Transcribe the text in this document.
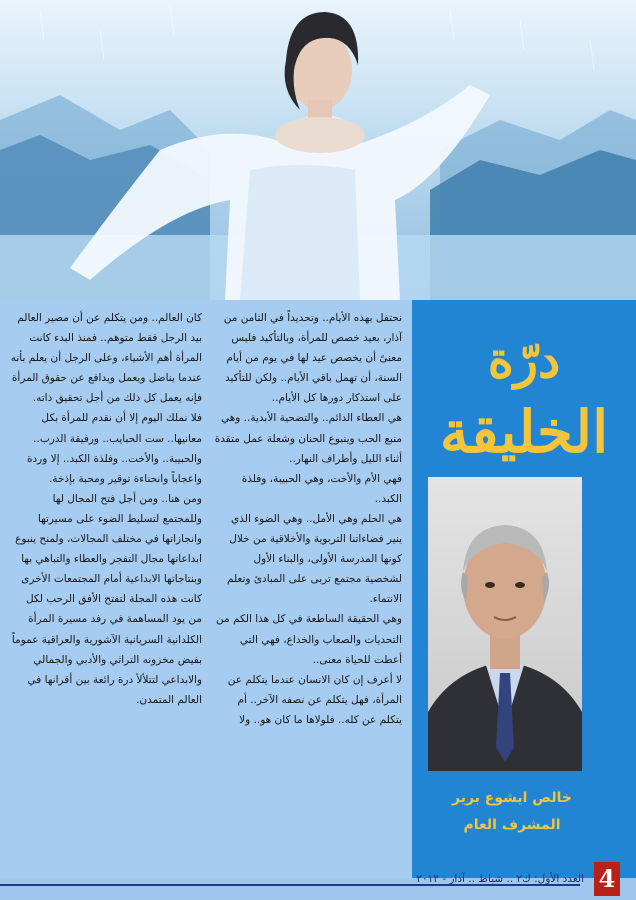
درّة
الخليقة
خالص ايشوع برير
المشرف العام

نحتفل بهذه الأيام.. وتحديداً في الثامن من آذار، بعيد خصص للمرأة، وبالتأكيد فليس معنىً أن يخصص عيد لها في يوم من أيام السنة، أن تهمل باقي الأيام.. ولكن للتأكيد على استذكار دورها كل الأيام..

هي العطاء الدائم.. والتضحية الأبدية.. وهي منبع الحب وينبوع الحنان وشعلة عمل متقدة أثناء الليل وأطراف النهار..

فهي الأم والأخت، وهي الحبيبة، وفلذة الكبد..

هي الحلم وهي الأمل.. وهي الضوء الذي ينير فضاءاتنا التربوية والأخلاقية من خلال كونها المدرسة الأولى، والبناء الأول لشخصية مجتمع تربى على المبادئ وتعلم الانتماء.

وهي الحقيقة الساطعة في كل هذا الكم من التحديات والصعاب والخداع، فهي التي أعطت للحياة معنى..

لا أعرف إن كان الانسان عندما يتكلم عن المرأة، فهل يتكلم عن نصفه الآخر.. أم يتكلم عن كله.. فلولاها ما كان هو.. ولا

كان العالم.. ومن يتكلم عن أن مصير العالم بيد الرجل فقط متوهم.. فمنذ البدء كانت المرأة أهم الأشياء، وعلى الرجل أن يعلم بأنه عندما يناضل ويعمل ويدافع عن حقوق المرأة فإنه يعمل كل ذلك من أجل تحقيق ذاته.

فلا نملك اليوم إلا أن نقدم للمرأة بكل معانيها.. ست الحبايب.. ورفيقة الدرب.. والحبيبة.. والأخت.. وفلذة الكبد.. إلا وردة واعجاباً وانحناءة توقير ومحبة بإذخة.

ومن هنا.. ومن أجل فتح المجال لها وللمجتمع لتسليط الضوء على مسيرتها وانجازاتها في مختلف المجالات، ولمنح ينبوع ابداعاتها مجال التفجر والعطاء والتباهي بها وبنتاجاتها الابداعية أمام المجتمعات الأخرى كانت هذه المجلة لتفتح الأفق الرحب لكل من يود المساهمة في رفد مسيرة المرأة الكلدانية السريانية الآشورية والعراقية عموماً بفيض مخزونه التراثي والأدبي والجمالي والابداعي لتتلألأ درة رائعة بين أقرانها في العالم المتمدن.

العدد الأول: ك٢ .. شباط .. آذار - ٢٠١٢ 4
